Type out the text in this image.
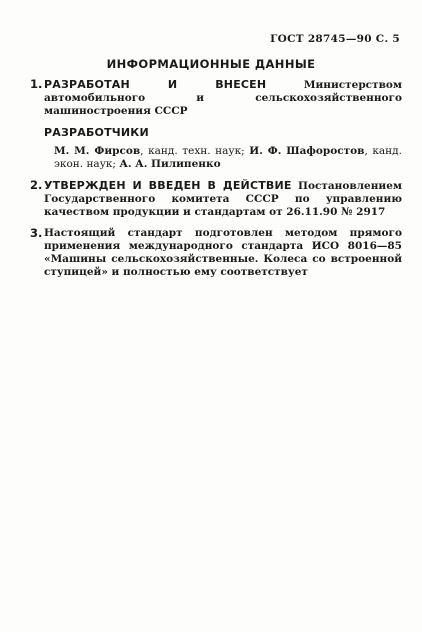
ГОСТ 28745—90 С. 5
ИНФОРМАЦИОННЫЕ ДАННЫЕ
1. РАЗРАБОТАН И ВНЕСЕН Министерством автомобильного и сельскохозяйственного машиностроения СССР
РАЗРАБОТЧИКИ
М. М. Фирсов, канд. техн. наук; И. Ф. Шафоростов, канд. экон. наук; А. А. Пилипенко
2. УТВЕРЖДЕН И ВВЕДЕН В ДЕЙСТВИЕ Постановлением Государственного комитета СССР по управлению качеством продукции и стандартам от 26.11.90 № 2917
3. Настоящий стандарт подготовлен методом прямого применения международного стандарта ИСО 8016—85 «Машины сельскохозяйственные. Колеса со встроенной ступицей» и полностью ему соответствует
